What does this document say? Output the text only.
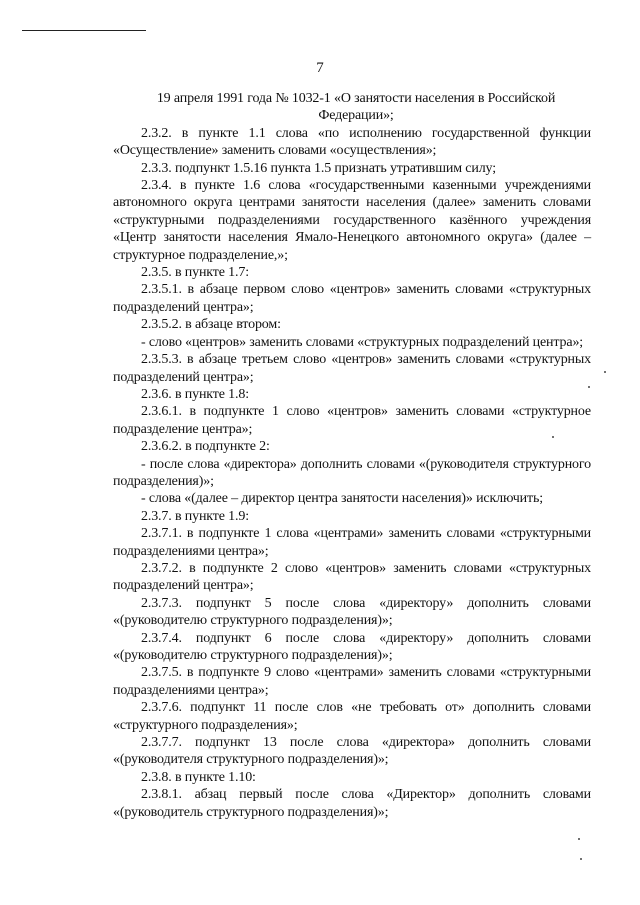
7
19 апреля 1991 года № 1032-1 «О занятости населения в Российской
Федерации»;
2.3.2. в пункте 1.1 слова «по исполнению государственной функции «Осуществление» заменить словами «осуществления»;
2.3.3. подпункт 1.5.16 пункта 1.5 признать утратившим силу;
2.3.4. в пункте 1.6 слова «государственными казенными учреждениями автономного округа центрами занятости населения (далее» заменить словами «структурными подразделениями государственного казённого учреждения «Центр занятости населения Ямало-Ненецкого автономного округа» (далее – структурное подразделение,»;
2.3.5. в пункте 1.7:
2.3.5.1. в абзаце первом слово «центров» заменить словами «структурных подразделений центра»;
2.3.5.2. в абзаце втором:
- слово «центров» заменить словами «структурных подразделений центра»;
2.3.5.3. в абзаце третьем слово «центров» заменить словами «структурных подразделений центра»;
2.3.6. в пункте 1.8:
2.3.6.1. в подпункте 1 слово «центров» заменить словами «структурное подразделение центра»;
2.3.6.2. в подпункте 2:
- после слова «директора» дополнить словами «(руководителя структурного подразделения)»;
- слова «(далее – директор центра занятости населения)» исключить;
2.3.7. в пункте 1.9:
2.3.7.1. в подпункте 1 слова «центрами» заменить словами «структурными подразделениями центра»;
2.3.7.2. в подпункте 2 слово «центров» заменить словами «структурных подразделений центра»;
2.3.7.3. подпункт 5 после слова «директору» дополнить словами «(руководителю структурного подразделения)»;
2.3.7.4. подпункт 6 после слова «директору» дополнить словами «(руководителю структурного подразделения)»;
2.3.7.5. в подпункте 9 слово «центрами» заменить словами «структурными подразделениями центра»;
2.3.7.6. подпункт 11 после слов «не требовать от» дополнить словами «структурного подразделения»;
2.3.7.7. подпункт 13 после слова «директора» дополнить словами «(руководителя структурного подразделения)»;
2.3.8. в пункте 1.10:
2.3.8.1. абзац первый после слова «Директор» дополнить словами «(руководитель структурного подразделения)»;
